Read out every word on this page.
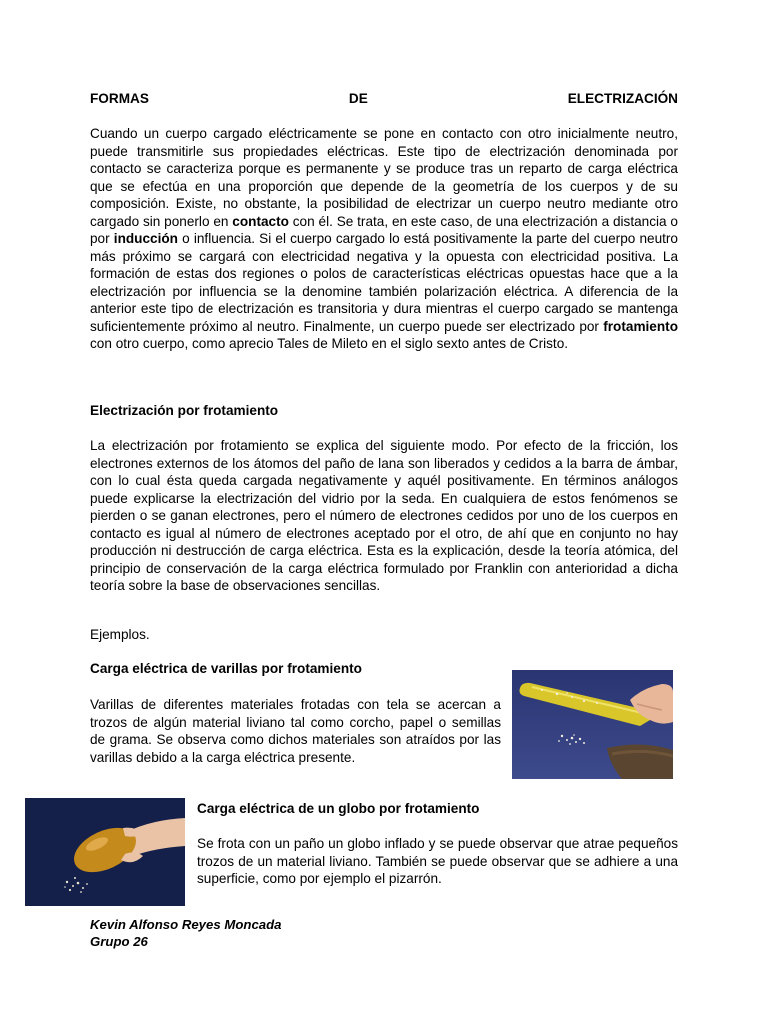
FORMAS	DE	ELECTRIZACIÓN
Cuando un cuerpo cargado eléctricamente se pone en contacto con otro inicialmente neutro, puede transmitirle sus propiedades eléctricas. Este tipo de electrización denominada por contacto se caracteriza porque es permanente y se produce tras un reparto de carga eléctrica que se efectúa en una proporción que depende de la geometría de los cuerpos y de su composición. Existe, no obstante, la posibilidad de electrizar un cuerpo neutro mediante otro cargado sin ponerlo en contacto con él. Se trata, en este caso, de una electrización a distancia o por inducción o influencia. Si el cuerpo cargado lo está positivamente la parte del cuerpo neutro más próximo se cargará con electricidad negativa y la opuesta con electricidad positiva. La formación de estas dos regiones o polos de características eléctricas opuestas hace que a la electrización por influencia se la denomine también polarización eléctrica. A diferencia de la anterior este tipo de electrización es transitoria y dura mientras el cuerpo cargado se mantenga suficientemente próximo al neutro. Finalmente, un cuerpo puede ser electrizado por frotamiento con otro cuerpo, como aprecio Tales de Mileto en el siglo sexto antes de Cristo.
Electrización por frotamiento
La electrización por frotamiento se explica del siguiente modo. Por efecto de la fricción, los electrones externos de los átomos del paño de lana son liberados y cedidos a la barra de ámbar, con lo cual ésta queda cargada negativamente y aquél positivamente. En términos análogos puede explicarse la electrización del vidrio por la seda. En cualquiera de estos fenómenos se pierden o se ganan electrones, pero el número de electrones cedidos por uno de los cuerpos en contacto es igual al número de electrones aceptado por el otro, de ahí que en conjunto no hay producción ni destrucción de carga eléctrica. Esta es la explicación, desde la teoría atómica, del principio de conservación de la carga eléctrica formulado por Franklin con anterioridad a dicha teoría sobre la base de observaciones sencillas.
Ejemplos.
Carga eléctrica de varillas por frotamiento
Varillas de diferentes materiales frotadas con tela se acercan a trozos de algún material liviano tal como corcho, papel o semillas de grama. Se observa como dichos materiales son atraídos por las varillas debido a la carga eléctrica presente.
Carga eléctrica de un globo por frotamiento
Se frota con un paño un globo inflado y se puede observar que atrae pequeños trozos de un material liviano. También se puede observar que se adhiere a una superficie, como por ejemplo el pizarrón.
Kevin Alfonso Reyes Moncada
Grupo 26
